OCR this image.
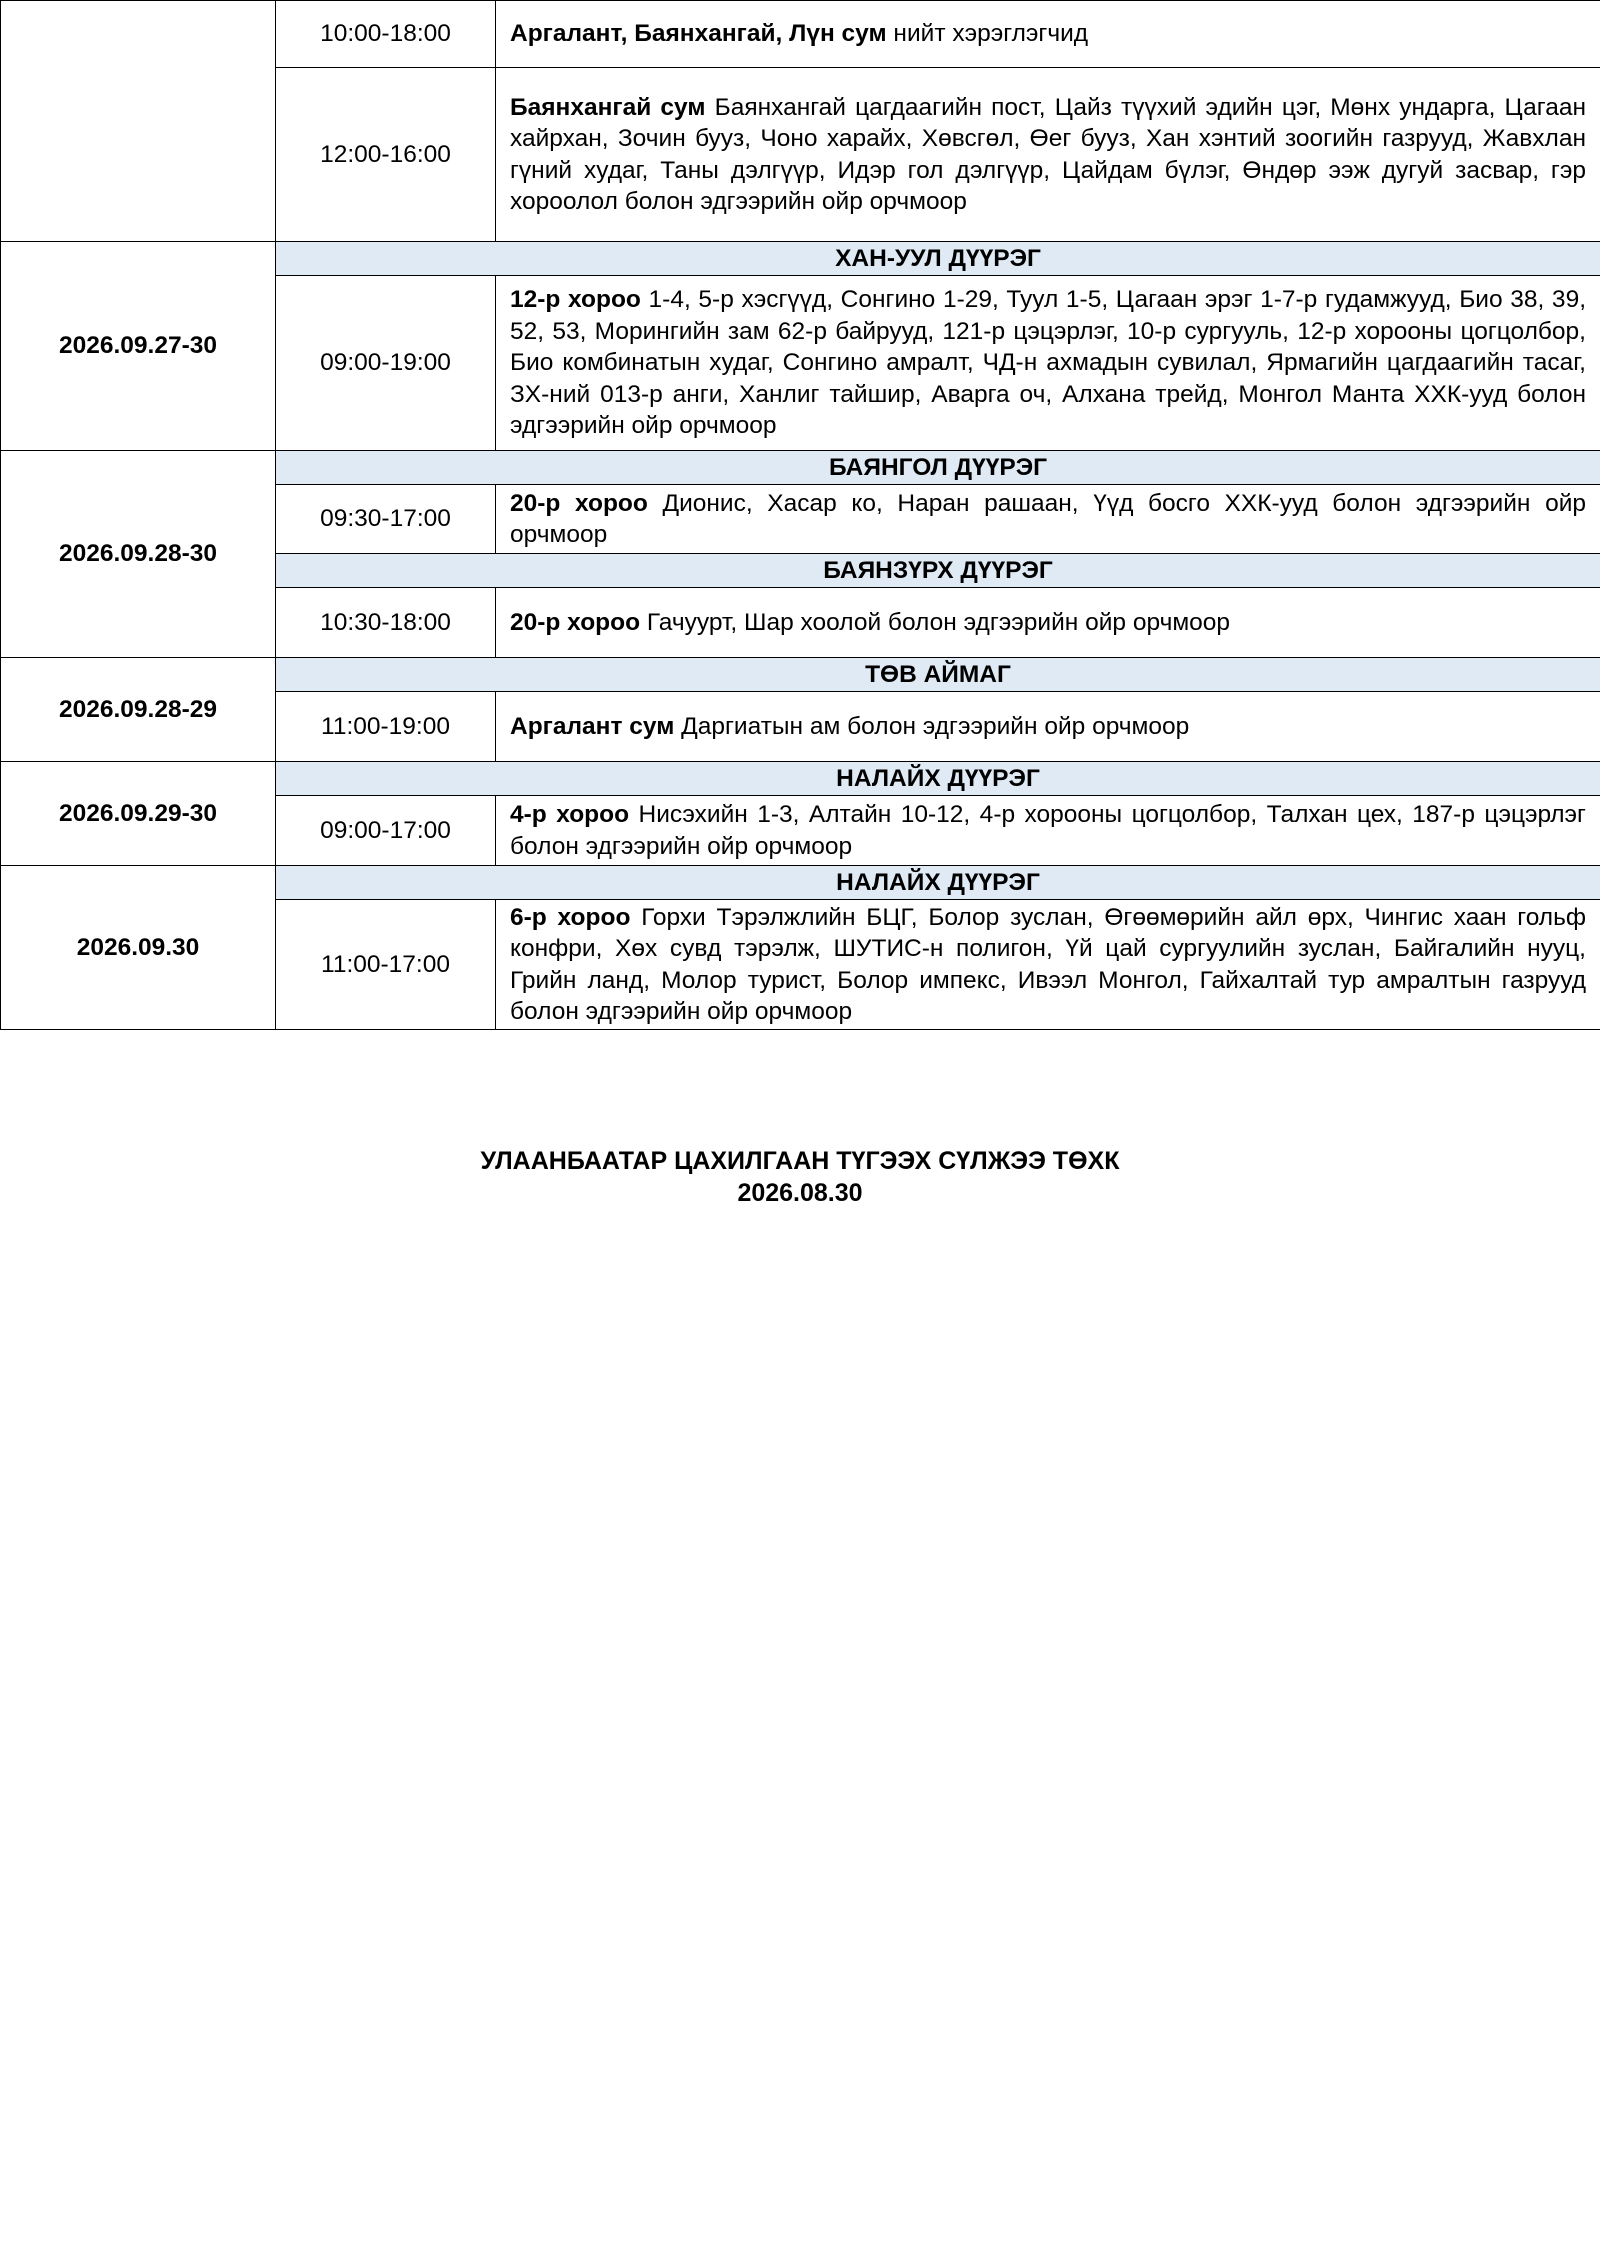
	10:00-18:00	Аргалант, Баянхангай, Лүн сум нийт хэрэглэгчид
	12:00-16:00	Баянхангай сум Баянхангай цагдаагийн пост, Цайз түүхий эдийн цэг, Мөнх ундарга, Цагаан хайрхан, Зочин бууз, Чоно харайх, Хөвсгөл, Өег бууз, Хан хэнтий зоогийн газрууд, Жавхлан гүний худаг, Таны дэлгүүр, Идэр гол дэлгүүр, Цайдам бүлэг, Өндөр ээж дугуй засвар, гэр хороолол болон эдгээрийн ойр орчмоор
2026.09.27-30	ХАН-УУЛ ДҮҮРЭГ	
	09:00-19:00	12-р хороо 1-4, 5-р хэсгүүд, Сонгино 1-29, Туул 1-5, Цагаан эрэг 1-7-р гудамжууд, Био 38, 39, 52, 53, Морингийн зам 62-р байрууд, 121-р цэцэрлэг, 10-р сургууль, 12-р хорооны цогцолбор, Био комбинатын худаг, Сонгино амралт, ЧД-н ахмадын сувилал, Ярмагийн цагдаагийн тасаг, ЗХ-ний 013-р анги, Ханлиг тайшир, Аварга оч, Алхана трейд, Монгол Манта ХХК-ууд болон эдгээрийн ойр орчмоор
2026.09.28-30	БАЯНГОЛ ДҮҮРЭГ	
	09:30-17:00	20-р хороо Дионис, Хасар ко, Наран рашаан, Үүд босго ХХК-ууд болон эдгээрийн ойр орчмоор
	БАЯНЗҮРХ ДҮҮРЭГ	
	10:30-18:00	20-р хороо Гачуурт, Шар хоолой болон эдгээрийн ойр орчмоор
2026.09.28-29	ТӨВ АЙМАГ	
	11:00-19:00	Аргалант сум Даргиатын ам болон эдгээрийн ойр орчмоор
2026.09.29-30	НАЛАЙХ ДҮҮРЭГ	
	09:00-17:00	4-р хороо Нисэхийн 1-3, Алтайн 10-12, 4-р хорооны цогцолбор, Талхан цех, 187-р цэцэрлэг болон эдгээрийн ойр орчмоор
2026.09.30	НАЛАЙХ ДҮҮРЭГ	
	11:00-17:00	6-р хороо Горхи Тэрэлжлийн БЦГ, Болор зуслан, Өгөөмөрийн айл өрх, Чингис хаан гольф конфри, Хөх сувд тэрэлж, ШУТИС-н полигон, Үй цай сургуулийн зуслан, Байгалийн нууц, Грийн ланд, Молор турист, Болор импекс, Ивээл Монгол, Гайхалтай тур амралтын газрууд болон эдгээрийн ойр орчмоор
УЛААНБААТАР ЦАХИЛГААН ТҮГЭЭХ СҮЛЖЭЭ ТӨХК
2026.08.30
